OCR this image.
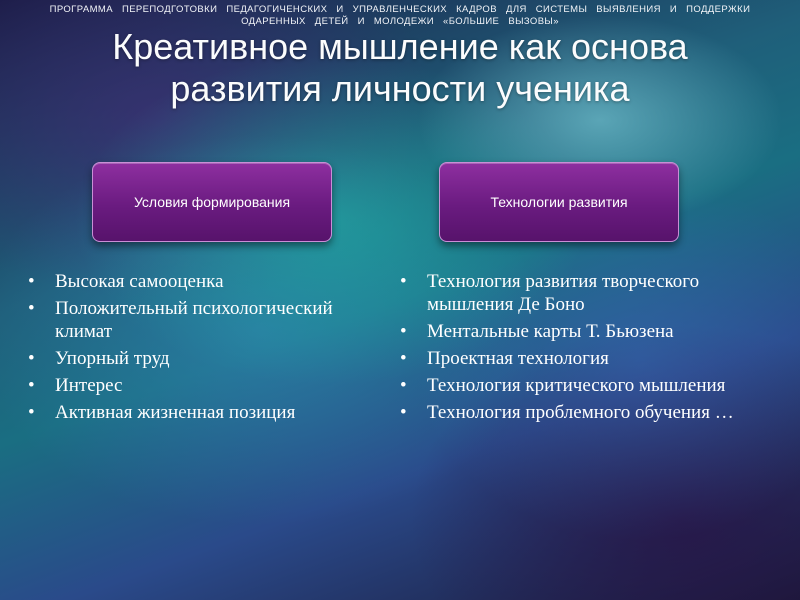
ПРОГРАММА ПЕРЕПОДГОТОВКИ ПЕДАГОГИЧЕНСКИХ И УПРАВЛЕНЧЕСКИХ КАДРОВ ДЛЯ СИСТЕМЫ ВЫЯВЛЕНИЯ И ПОДДЕРЖКИ ОДАРЕННЫХ ДЕТЕЙ И МОЛОДЕЖИ «БОЛЬШИЕ ВЫЗОВЫ»

Креативное мышление как основа
развития личности ученика
Условия формирования	Технологии развития
• Высокая самооценка
• Положительный психологический климат
• Упорный труд
• Интерес
• Активная жизненная позиция
• Технология развития творческого мышления Де Боно
• Ментальные карты Т. Бьюзена
• Проектная технология
• Технология критического мышления
• Технология проблемного обучения …
